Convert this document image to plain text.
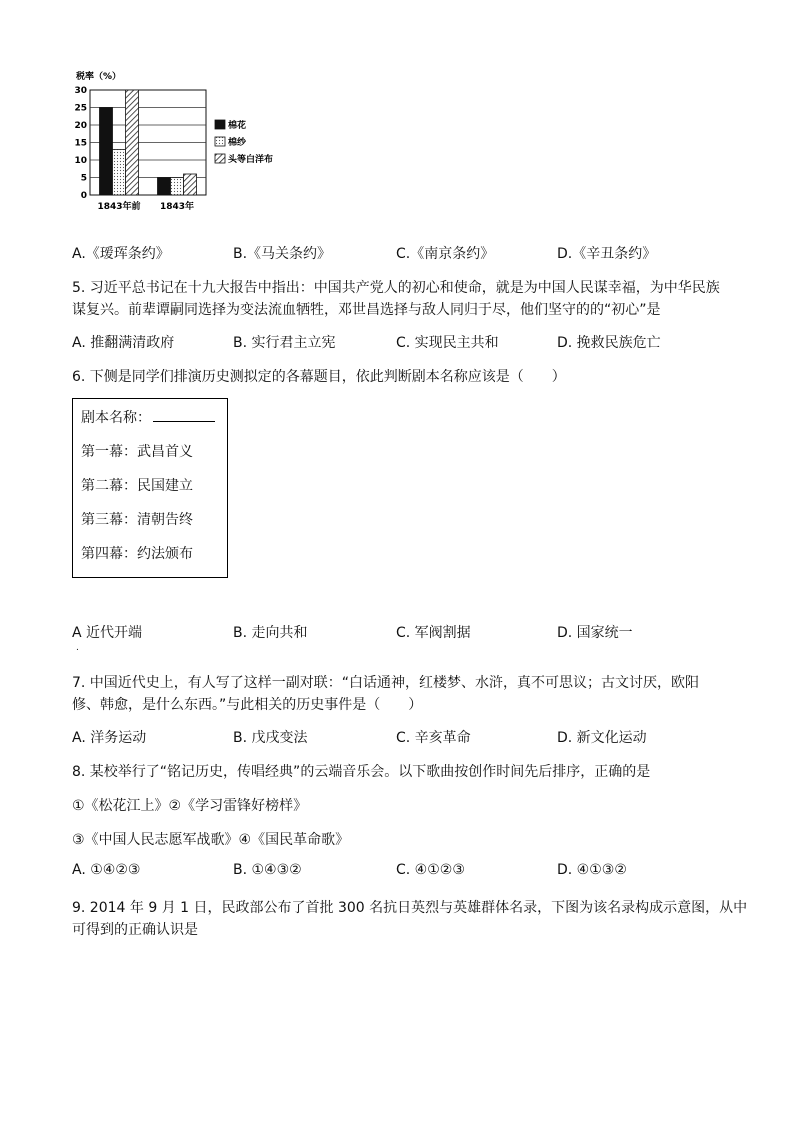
税率（%）
0
5
10
15
20
25
30
1843年前 1843年
棉花
棉纱
头等白洋布
A.《瑷珲条约》	B.《马关条约》	C.《南京条约》	D.《辛丑条约》
5. 习近平总书记在十九大报告中指出：中国共产党人的初心和使命，就是为中国人民谋幸福，为中华民族
谋复兴。前辈谭嗣同选择为变法流血牺牲，邓世昌选择与敌人同归于尽，他们坚守的的“初心”是
A. 推翻满清政府	B. 实行君主立宪	C. 实现民主共和	D. 挽救民族危亡
6. 下侧是同学们排演历史测拟定的各幕题目，依此判断剧本名称应该是（　　）
剧本名称：
第一幕：武昌首义
第二幕：民国建立
第三幕：清朝告终
第四幕：约法颁布
A 近代开端	B. 走向共和	C. 军阀割据	D. 国家统一
.
7. 中国近代史上，有人写了这样一副对联：“白话通神，红楼梦、水浒，真不可思议；古文讨厌，欧阳
修、韩愈，是什么东西。”与此相关的历史事件是（　　）
A. 洋务运动	B. 戊戌变法	C. 辛亥革命	D. 新文化运动
8. 某校举行了“铭记历史，传唱经典”的云端音乐会。以下歌曲按创作时间先后排序，正确的是
①《松花江上》②《学习雷锋好榜样》
③《中国人民志愿军战歌》④《国民革命歌》
A. ①④②③	B. ①④③②	C. ④①②③	D. ④①③②
9. 2014 年 9 月 1 日，民政部公布了首批 300 名抗日英烈与英雄群体名录，下图为该名录构成示意图，从中
可得到的正确认识是
